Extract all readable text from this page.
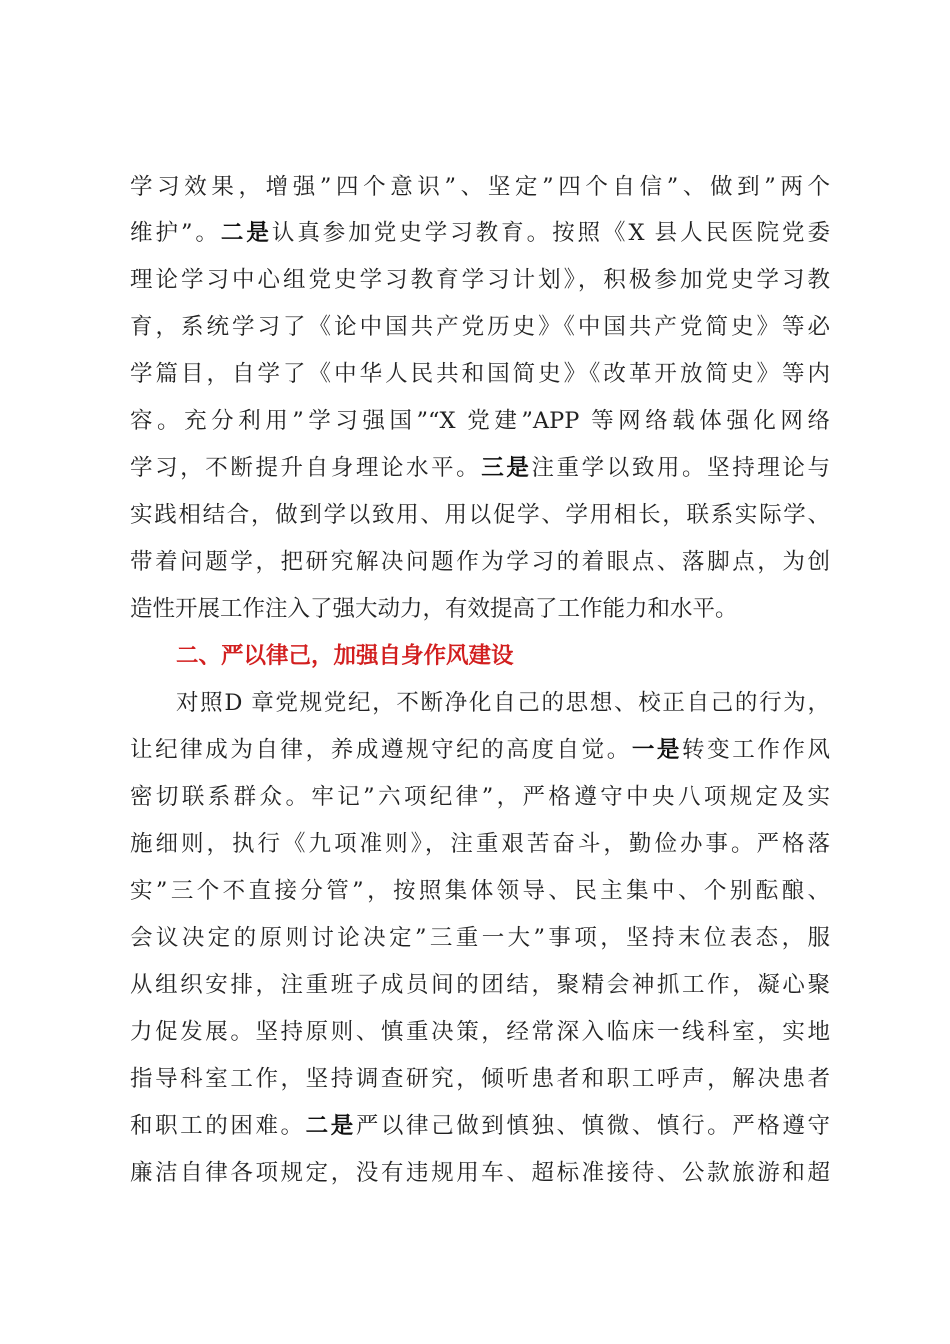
学习效果，增强”四个意识”、坚定”四个自信”、做到”两个
维护”。二是认真参加党史学习教育。按照《X 县人民医院党委
理论学习中心组党史学习教育学习计划》，积极参加党史学习教
育，系统学习了《论中国共产党历史》《中国共产党简史》等必
学篇目，自学了《中华人民共和国简史》《改革开放简史》等内
容。充分利用”学习强国”“X 党建”APP 等网络载体强化网络
学习，不断提升自身理论水平。三是注重学以致用。坚持理论与
实践相结合，做到学以致用、用以促学、学用相长，联系实际学、
带着问题学，把研究解决问题作为学习的着眼点、落脚点，为创
造性开展工作注入了强大动力，有效提高了工作能力和水平。
二、严以律己，加强自身作风建设
对照D 章党规党纪，不断净化自己的思想、校正自己的行为，
让纪律成为自律，养成遵规守纪的高度自觉。一是转变工作作风
密切联系群众。牢记”六项纪律”，严格遵守中央八项规定及实
施细则，执行《九项准则》，注重艰苦奋斗，勤俭办事。严格落
实”三个不直接分管”，按照集体领导、民主集中、个别酝酿、
会议决定的原则讨论决定”三重一大”事项，坚持末位表态，服
从组织安排，注重班子成员间的团结，聚精会神抓工作，凝心聚
力促发展。坚持原则、慎重决策，经常深入临床一线科室，实地
指导科室工作，坚持调查研究，倾听患者和职工呼声，解决患者
和职工的困难。二是严以律己做到慎独、慎微、慎行。严格遵守
廉洁自律各项规定，没有违规用车、超标准接待、公款旅游和超
